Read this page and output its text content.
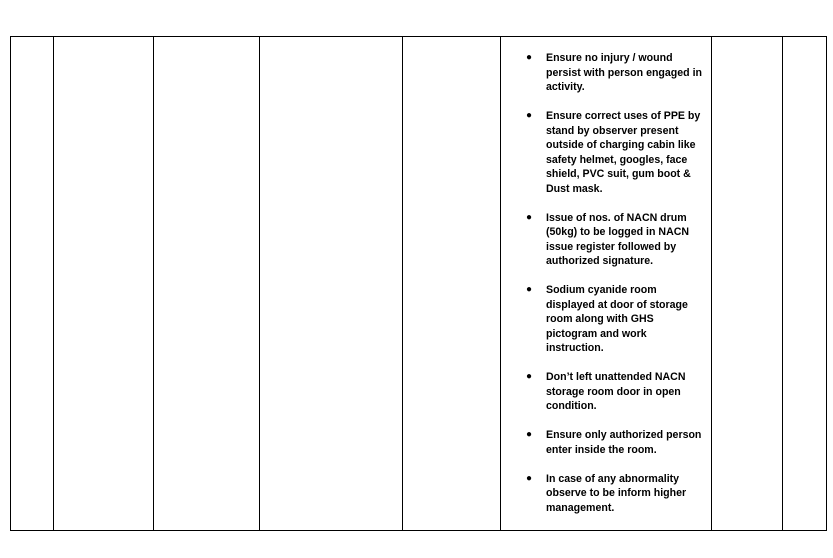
● Ensure no injury / wound persist with person engaged in activity.
● Ensure correct uses of PPE by stand by observer present outside of charging cabin like safety helmet, googles, face shield, PVC suit, gum boot & Dust mask.
● Issue of nos. of NACN drum (50kg) to be logged in NACN issue register followed by authorized signature.
● Sodium cyanide room displayed at door of storage room along with GHS pictogram and work instruction.
● Don’t left unattended NACN storage room door in open condition.
● Ensure only authorized person enter inside the room.
● In case of any abnormality observe to be inform higher management.
